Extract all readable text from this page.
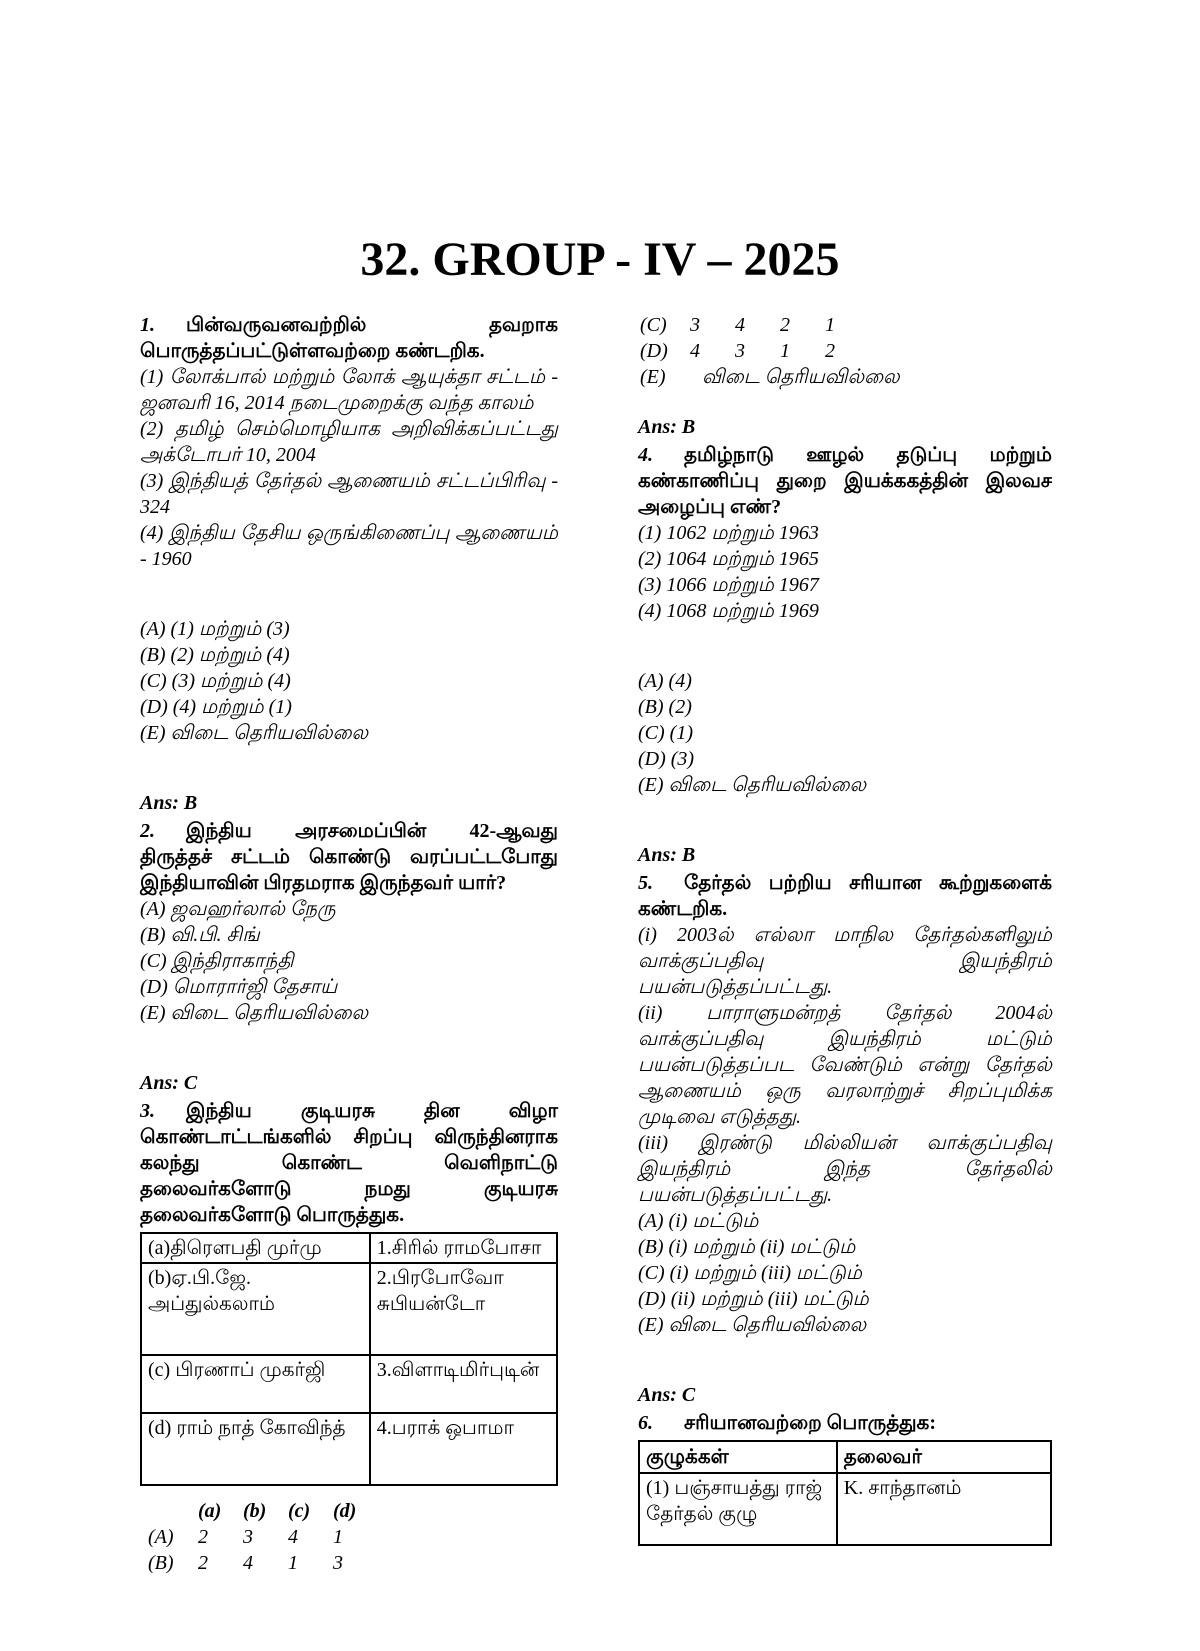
32. GROUP - IV – 2025

1. பின்வருவனவற்றில் தவறாக பொருத்தப்பட்டுள்ளவற்றை கண்டறிக.

(1) லோக்பால் மற்றும் லோக் ஆயுக்தா சட்டம் - ஜனவரி 16, 2014 நடைமுறைக்கு வந்த காலம்

(2) தமிழ் செம்மொழியாக அறிவிக்கப்பட்டது அக்டோபர் 10, 2004

(3) இந்தியத் தேர்தல் ஆணையம் சட்டப்பிரிவு - 324

(4) இந்திய தேசிய ஒருங்கிணைப்பு ஆணையம் - 1960

(A) (1) மற்றும் (3)

(B) (2) மற்றும் (4)

(C) (3) மற்றும் (4)

(D) (4) மற்றும் (1)

(E) விடை தெரியவில்லை

Ans: B

2. இந்திய அரசமைப்பின் 42-ஆவது திருத்தச் சட்டம் கொண்டு வரப்பட்டபோது இந்தியாவின் பிரதமராக இருந்தவர் யார்?

(A) ஜவஹர்லால் நேரு

(B) வி.பி. சிங்

(C) இந்திராகாந்தி

(D) மொரார்ஜி தேசாய்

(E) விடை தெரியவில்லை

Ans: C

3. இந்திய குடியரசு தின விழா கொண்டாட்டங்களில் சிறப்பு விருந்தினராக கலந்து கொண்ட வெளிநாட்டு தலைவர்களோடு நமது குடியரசு தலைவர்களோடு பொருத்துக.

(a)திரௌபதி முர்மு	1.சிரில் ராமபோசா
(b)ஏ.பி.ஜே. அப்துல்கலாம்	2.பிரபோவோ சுபியன்டோ
(c) பிரணாப் முகர்ஜி	3.விளாடிமிர்புடின்
(d) ராம் நாத் கோவிந்த்	4.பராக் ஒபாமா
(a)	(b)	(c)	(d)
(A)	2	3	4	1
(B)	2	4	1	3
(C)	3	4	2	1
(D)	4	3	1	2

(E)	விடை தெரியவில்லை

Ans: B

4. தமிழ்நாடு ஊழல் தடுப்பு மற்றும் கண்காணிப்பு துறை இயக்ககத்தின் இலவச அழைப்பு எண்?

(1) 1062 மற்றும் 1963

(2) 1064 மற்றும் 1965

(3) 1066 மற்றும் 1967

(4) 1068 மற்றும் 1969

(A) (4)

(B) (2)

(C) (1)

(D) (3)

(E) விடை தெரியவில்லை

Ans: B

5. தேர்தல் பற்றிய சரியான கூற்றுகளைக் கண்டறிக.

(i) 2003ல் எல்லா மாநில தேர்தல்களிலும் வாக்குப்பதிவு இயந்திரம் பயன்படுத்தப்பட்டது.

(ii) பாராளுமன்றத் தேர்தல் 2004ல் வாக்குப்பதிவு இயந்திரம் மட்டும் பயன்படுத்தப்பட வேண்டும் என்று தேர்தல் ஆணையம் ஒரு வரலாற்றுச் சிறப்புமிக்க முடிவை எடுத்தது.

(iii) இரண்டு மில்லியன் வாக்குப்பதிவு இயந்திரம் இந்த தேர்தலில் பயன்படுத்தப்பட்டது.

(A) (i) மட்டும்

(B) (i) மற்றும் (ii) மட்டும்

(C) (i) மற்றும் (iii) மட்டும்

(D) (ii) மற்றும் (iii) மட்டும்

(E) விடை தெரியவில்லை

Ans: C

6. சரியானவற்றை பொருத்துக:

குழுக்கள்	தலைவர்
(1) பஞ்சாயத்து ராஜ் தேர்தல் குழு	K. சாந்தானம்
